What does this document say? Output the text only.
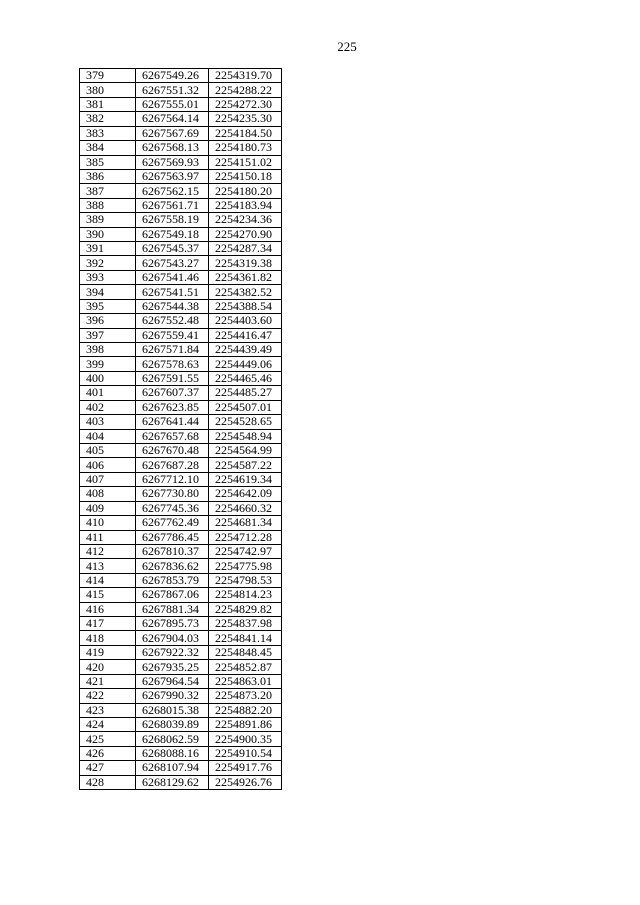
225
379	6267549.26	2254319.70
380	6267551.32	2254288.22
381	6267555.01	2254272.30
382	6267564.14	2254235.30
383	6267567.69	2254184.50
384	6267568.13	2254180.73
385	6267569.93	2254151.02
386	6267563.97	2254150.18
387	6267562.15	2254180.20
388	6267561.71	2254183.94
389	6267558.19	2254234.36
390	6267549.18	2254270.90
391	6267545.37	2254287.34
392	6267543.27	2254319.38
393	6267541.46	2254361.82
394	6267541.51	2254382.52
395	6267544.38	2254388.54
396	6267552.48	2254403.60
397	6267559.41	2254416.47
398	6267571.84	2254439.49
399	6267578.63	2254449.06
400	6267591.55	2254465.46
401	6267607.37	2254485.27
402	6267623.85	2254507.01
403	6267641.44	2254528.65
404	6267657.68	2254548.94
405	6267670.48	2254564.99
406	6267687.28	2254587.22
407	6267712.10	2254619.34
408	6267730.80	2254642.09
409	6267745.36	2254660.32
410	6267762.49	2254681.34
411	6267786.45	2254712.28
412	6267810.37	2254742.97
413	6267836.62	2254775.98
414	6267853.79	2254798.53
415	6267867.06	2254814.23
416	6267881.34	2254829.82
417	6267895.73	2254837.98
418	6267904.03	2254841.14
419	6267922.32	2254848.45
420	6267935.25	2254852.87
421	6267964.54	2254863.01
422	6267990.32	2254873.20
423	6268015.38	2254882.20
424	6268039.89	2254891.86
425	6268062.59	2254900.35
426	6268088.16	2254910.54
427	6268107.94	2254917.76
428	6268129.62	2254926.76
